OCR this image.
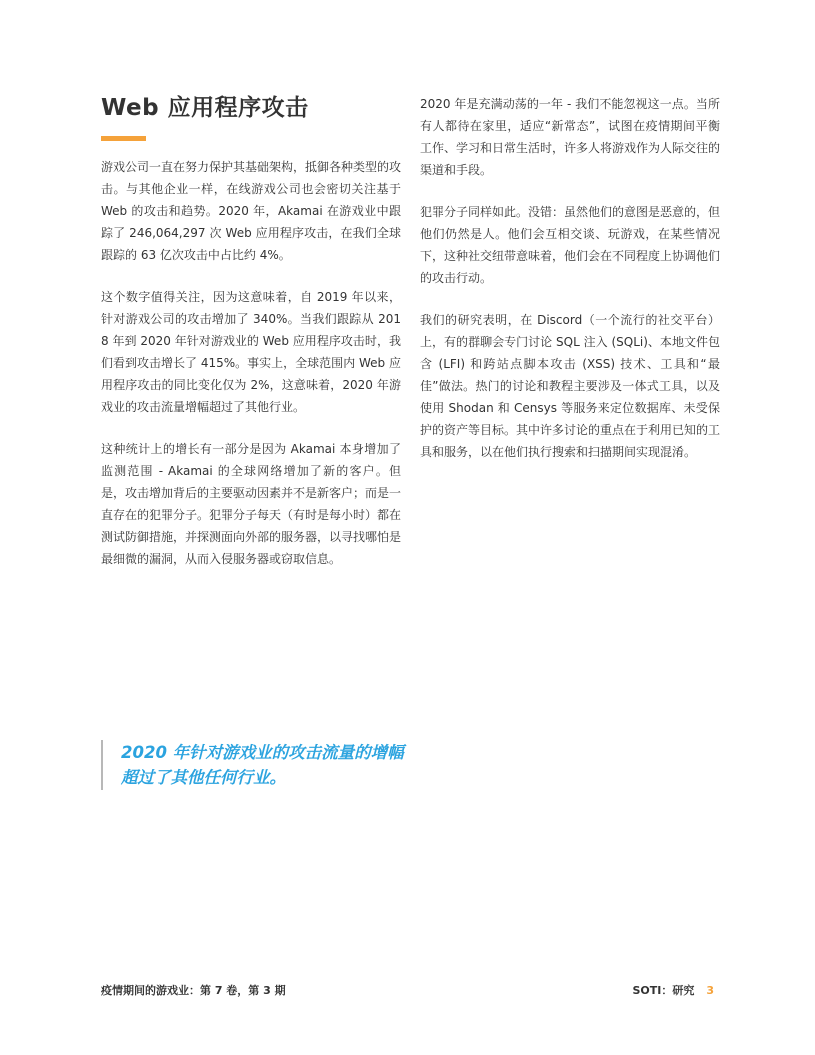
Web 应用程序攻击

游戏公司一直在努力保护其基础架构，抵御各种类型的攻击。与其他企业一样，在线游戏公司也会密切关注基于 Web 的攻击和趋势。2020 年，Akamai 在游戏业中跟踪了 246,064,297 次 Web 应用程序攻击，在我们全球跟踪的 63 亿次攻击中占比约 4%。

这个数字值得关注，因为这意味着，自 2019 年以来，针对游戏公司的攻击增加了 340%。当我们跟踪从 2018 年到 2020 年针对游戏业的 Web 应用程序攻击时，我们看到攻击增长了 415%。事实上，全球范围内 Web 应用程序攻击的同比变化仅为 2%，这意味着，2020 年游戏业的攻击流量增幅超过了其他行业。

这种统计上的增长有一部分是因为 Akamai 本身增加了监测范围 - Akamai 的全球网络增加了新的客户。但是，攻击增加背后的主要驱动因素并不是新客户；而是一直存在的犯罪分子。犯罪分子每天（有时是每小时）都在测试防御措施，并探测面向外部的服务器，以寻找哪怕是最细微的漏洞，从而入侵服务器或窃取信息。

2020 年是充满动荡的一年 - 我们不能忽视这一点。当所有人都待在家里，适应“新常态”，试图在疫情期间平衡工作、学习和日常生活时，许多人将游戏作为人际交往的渠道和手段。

犯罪分子同样如此。没错：虽然他们的意图是恶意的，但他们仍然是人。他们会互相交谈、玩游戏，在某些情况下，这种社交纽带意味着，他们会在不同程度上协调他们的攻击行动。

我们的研究表明，在 Discord（一个流行的社交平台）上，有的群聊会专门讨论 SQL 注入 (SQLi)、本地文件包含 (LFI) 和跨站点脚本攻击 (XSS) 技术、工具和“最佳”做法。热门的讨论和教程主要涉及一体式工具，以及使用 Shodan 和 Censys 等服务来定位数据库、未受保护的资产等目标。其中许多讨论的重点在于利用已知的工具和服务，以在他们执行搜索和扫描期间实现混淆。

2020 年针对游戏业的攻击流量的增幅超过了其他任何行业。

疫情期间的游戏业：第 7 卷，第 3 期	SOTI：研究 3
